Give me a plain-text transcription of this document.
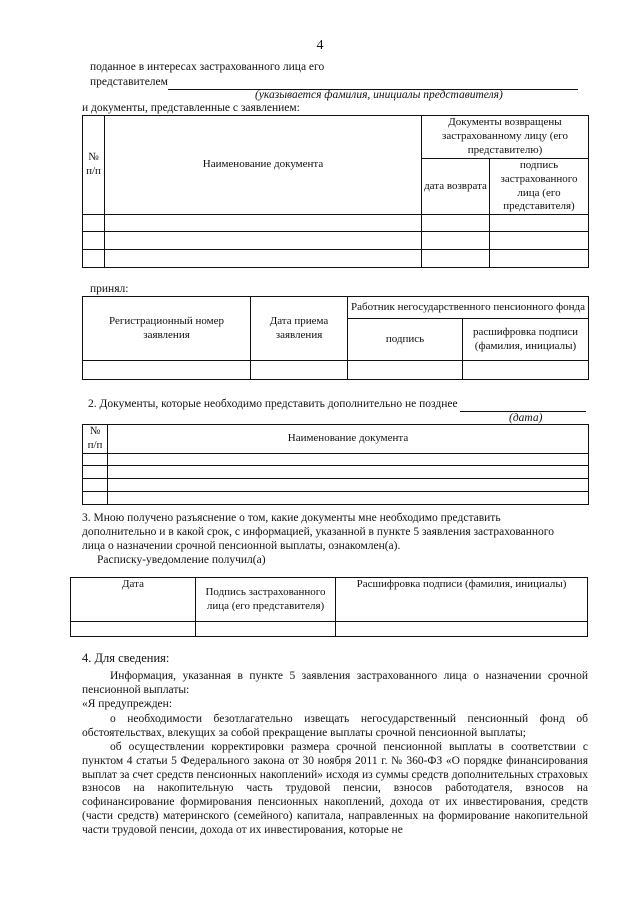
4
поданное в интересах застрахованного лица его
представителем
(указывается фамилия, инициалы представителя)
и документы, представленные с заявлением:
№ п/п	Наименование документа	Документы возвращены застрахованному лицу (его представителю)	
		дата возврата	подпись застрахованного лица (его представителя)

принял:
Регистрационный номер заявления	Дата приема заявления	Работник негосударственного пенсионного фонда	
		подпись	расшифровка подписи (фамилия, инициалы)

2. Документы, которые необходимо представить дополнительно не позднее
(дата)
№ п/п	Наименование документа

3. Мною получено разъяснение о том, какие документы мне необходимо представить
дополнительно и в какой срок, с информацией, указанной в пункте 5 заявления застрахованного
лица о назначении срочной пенсионной выплаты, ознакомлен(а).
Расписку-уведомление получил(а)
Дата	Подпись застрахованного лица (его представителя)	Расшифровка подписи (фамилия, инициалы)

4. Для сведения:
Информация, указанная в пункте 5 заявления застрахованного лица о назначении срочной пенсионной выплаты:
«Я предупрежден:
о необходимости безотлагательно извещать негосударственный пенсионный фонд об обстоятельствах, влекущих за собой прекращение выплаты срочной пенсионной выплаты;
об осуществлении корректировки размера срочной пенсионной выплаты в соответствии с пунктом 4 статьи 5 Федерального закона от 30 ноября 2011 г. № 360-ФЗ «О порядке финансирования выплат за счет средств пенсионных накоплений» исходя из суммы средств дополнительных страховых взносов на накопительную часть трудовой пенсии, взносов работодателя, взносов на софинансирование формирования пенсионных накоплений, дохода от их инвестирования, средств (части средств) материнского (семейного) капитала, направленных на формирование накопительной части трудовой пенсии, дохода от их инвестирования, которые не
